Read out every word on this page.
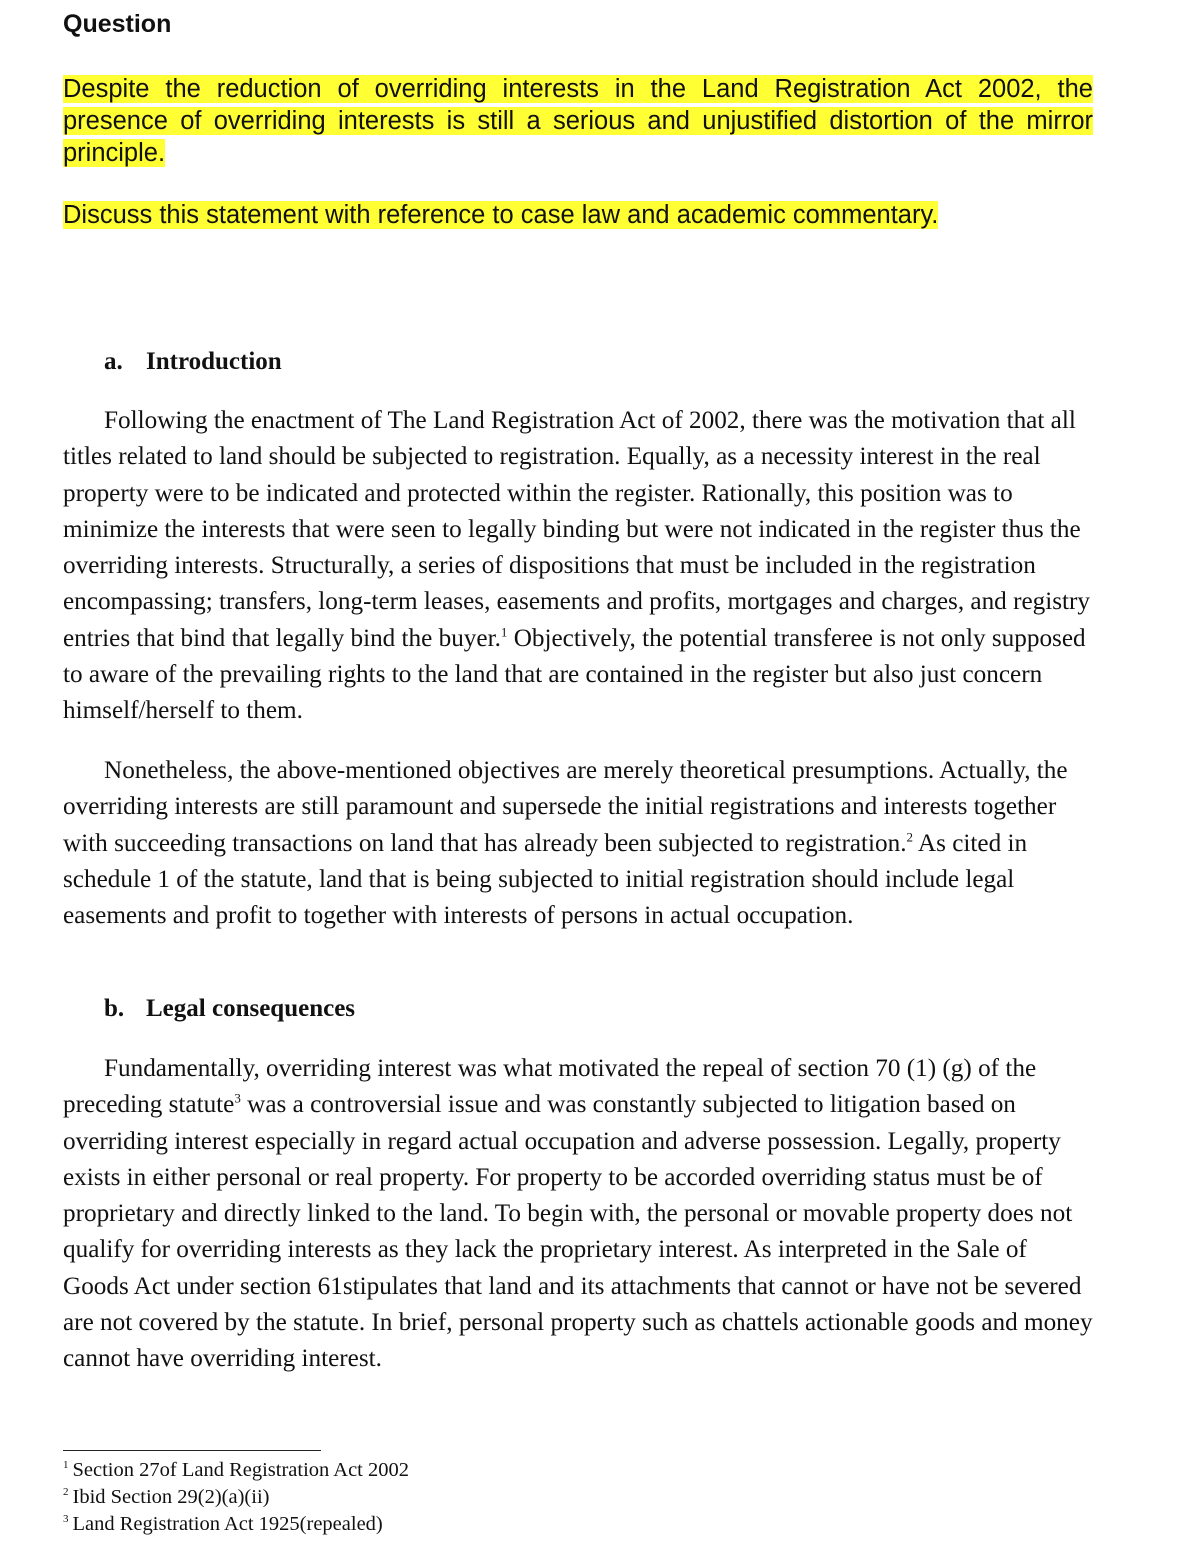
Question
Despite the reduction of overriding interests in the Land Registration Act 2002, the presence of overriding interests is still a serious and unjustified distortion of the mirror principle.
Discuss this statement with reference to case law and academic commentary.
a. Introduction

Following the enactment of The Land Registration Act of 2002, there was the motivation that all titles related to land should be subjected to registration. Equally, as a necessity interest in the real property were to be indicated and protected within the register. Rationally, this position was to minimize the interests that were seen to legally binding but were not indicated in the register thus the overriding interests. Structurally, a series of dispositions that must be included in the registration encompassing; transfers, long-term leases, easements and profits, mortgages and charges, and registry entries that bind that legally bind the buyer.$^1$ Objectively, the potential transferee is not only supposed to aware of the prevailing rights to the land that are contained in the register but also just concern himself/herself to them.

Nonetheless, the above-mentioned objectives are merely theoretical presumptions. Actually, the overriding interests are still paramount and supersede the initial registrations and interests together with succeeding transactions on land that has already been subjected to registration.$^2$ As cited in schedule 1 of the statute, land that is being subjected to initial registration should include legal easements and profit to together with interests of persons in actual occupation.

b. Legal consequences

Fundamentally, overriding interest was what motivated the repeal of section 70 (1) (g) of the preceding statute$^3$ was a controversial issue and was constantly subjected to litigation based on overriding interest especially in regard actual occupation and adverse possession. Legally, property exists in either personal or real property. For property to be accorded overriding status must be of proprietary and directly linked to the land. To begin with, the personal or movable property does not qualify for overriding interests as they lack the proprietary interest. As interpreted in the Sale of Goods Act under section 61stipulates that land and its attachments that cannot or have not be severed are not covered by the statute. In brief, personal property such as chattels actionable goods and money cannot have overriding interest.

$^1$ Section 27of Land Registration Act 2002
$^2$ Ibid Section 29(2)(a)(ii)
$^3$ Land Registration Act 1925(repealed)
